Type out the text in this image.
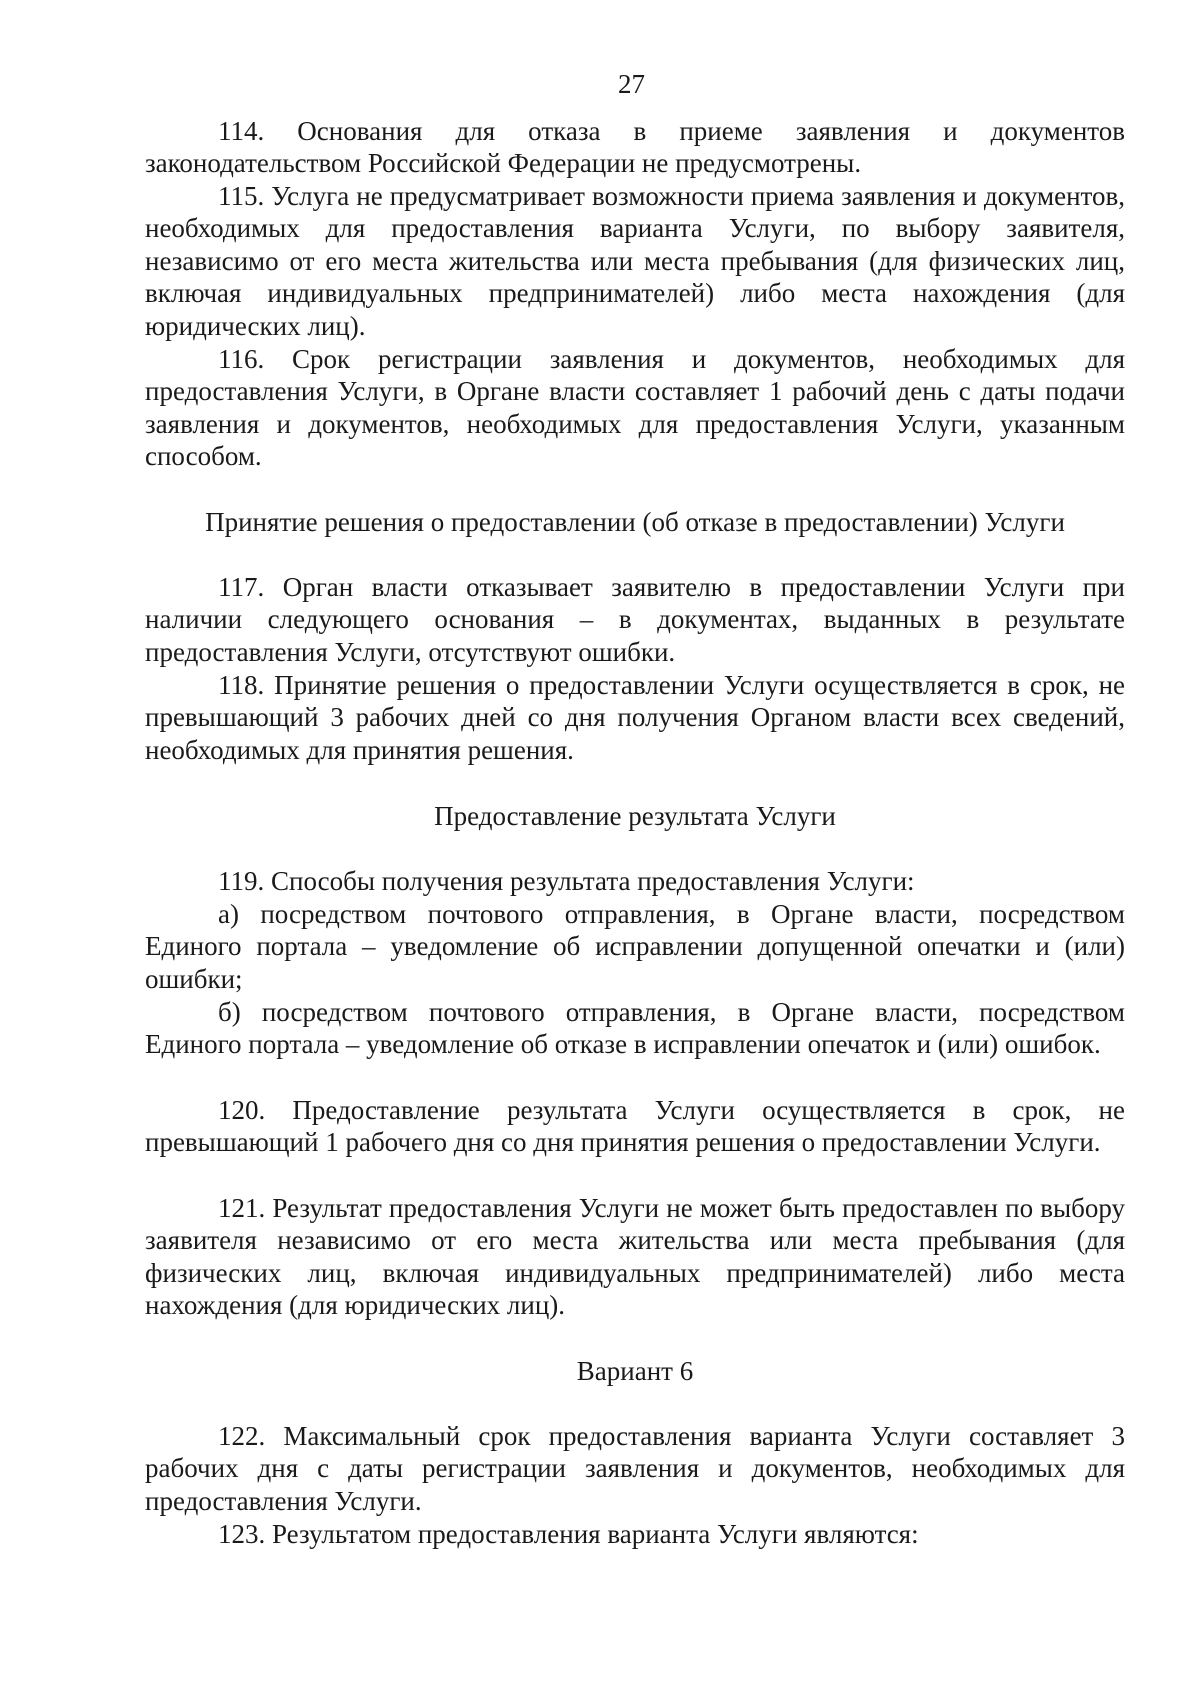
27

114. Основания для отказа в приеме заявления и документов законодательством Российской Федерации не предусмотрены.

115. Услуга не предусматривает возможности приема заявления и документов, необходимых для предоставления варианта Услуги, по выбору заявителя, независимо от его места жительства или места пребывания (для физических лиц, включая индивидуальных предпринимателей) либо места нахождения (для юридических лиц).

116. Срок регистрации заявления и документов, необходимых для предоставления Услуги, в Органе власти составляет 1 рабочий день с даты подачи заявления и документов, необходимых для предоставления Услуги, указанным способом.

Принятие решения о предоставлении (об отказе в предоставлении) Услуги

117. Орган власти отказывает заявителю в предоставлении Услуги при наличии следующего основания – в документах, выданных в результате предоставления Услуги, отсутствуют ошибки.

118. Принятие решения о предоставлении Услуги осуществляется в срок, не превышающий 3 рабочих дней со дня получения Органом власти всех сведений, необходимых для принятия решения.

Предоставление результата Услуги

119. Способы получения результата предоставления Услуги:

а) посредством почтового отправления, в Органе власти, посредством Единого портала – уведомление об исправлении допущенной опечатки и (или) ошибки;

б) посредством почтового отправления, в Органе власти, посредством Единого портала – уведомление об отказе в исправлении опечаток и (или) ошибок.

120. Предоставление результата Услуги осуществляется в срок, не превышающий 1 рабочего дня со дня принятия решения о предоставлении Услуги.

121. Результат предоставления Услуги не может быть предоставлен по выбору заявителя независимо от его места жительства или места пребывания (для физических лиц, включая индивидуальных предпринимателей) либо места нахождения (для юридических лиц).

Вариант 6

122. Максимальный срок предоставления варианта Услуги составляет 3 рабочих дня с даты регистрации заявления и документов, необходимых для предоставления Услуги.

123. Результатом предоставления варианта Услуги являются:
